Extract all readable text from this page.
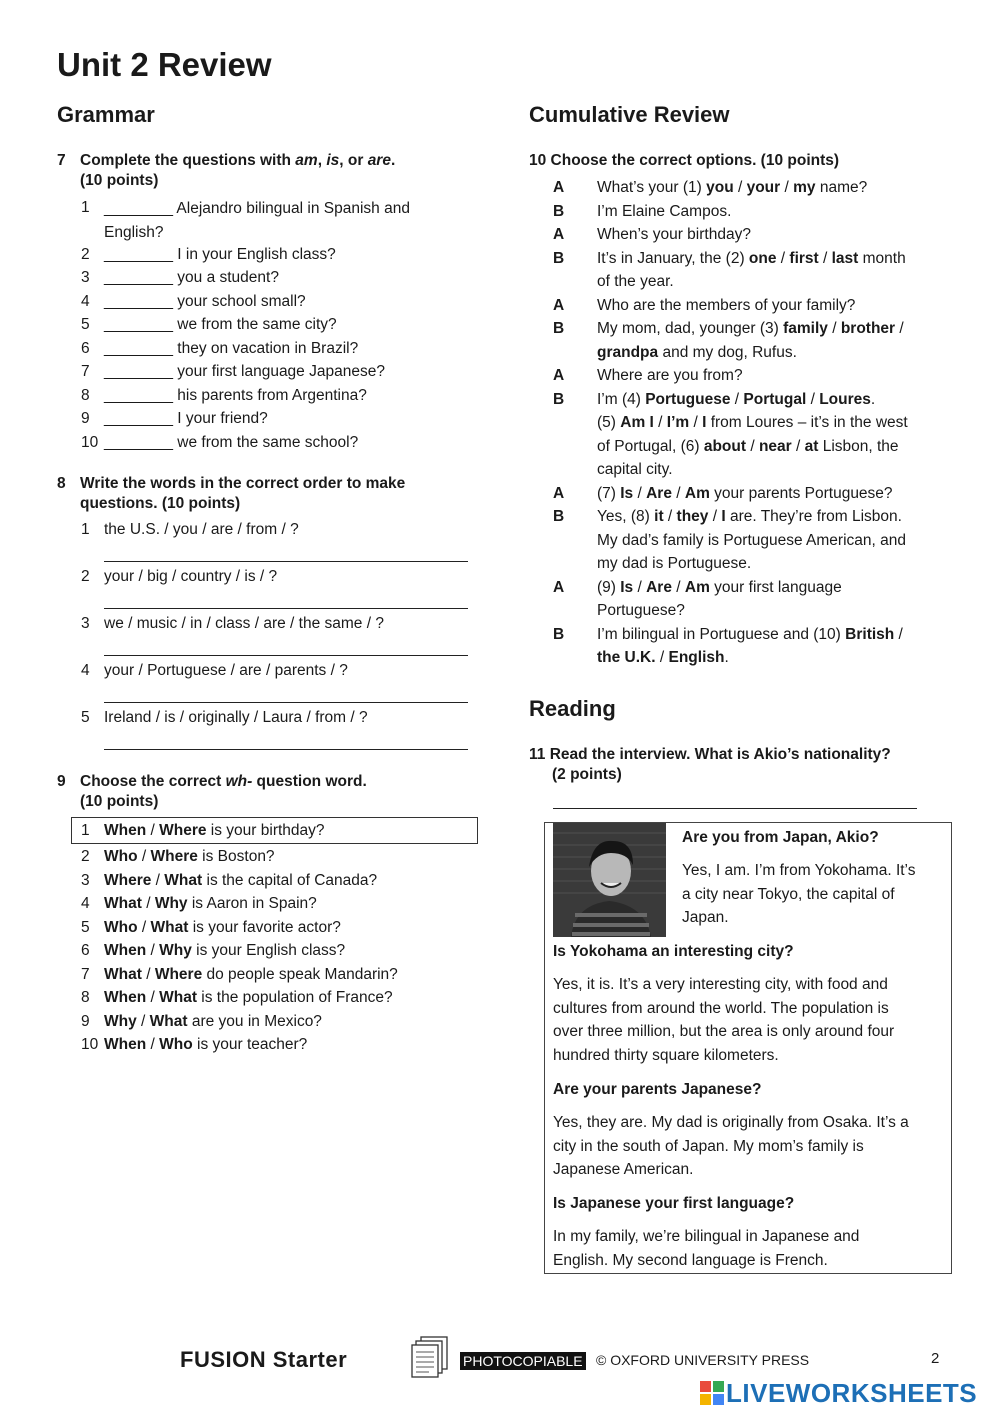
Unit 2 Review
Grammar
7 Complete the questions with am, is, or are.
(10 points)
1 ________ Alejandro bilingual in Spanish and
English?
2 ________ I in your English class?
3 ________ you a student?
4 ________ your school small?
5 ________ we from the same city?
6 ________ they on vacation in Brazil?
7 ________ your first language Japanese?
8 ________ his parents from Argentina?
9 ________ I your friend?
10 ________ we from the same school?
8 Write the words in the correct order to make
questions. (10 points)
1 the U.S. / you / are / from / ?
2 your / big / country / is / ?
3 we / music / in / class / are / the same / ?
4 your / Portuguese / are / parents / ?
5 Ireland / is / originally / Laura / from / ?
9 Choose the correct wh- question word.
(10 points)
1 When / Where is your birthday?
2 Who / Where is Boston?
3 Where / What is the capital of Canada?
4 What / Why is Aaron in Spain?
5 Who / What is your favorite actor?
6 When / Why is your English class?
7 What / Where do people speak Mandarin?
8 When / What is the population of France?
9 Why / What are you in Mexico?
10 When / Who is your teacher?
Cumulative Review
10 Choose the correct options. (10 points)
A What’s your (1) you / your / my name?
B I’m Elaine Campos.
A When’s your birthday?
B It’s in January, the (2) one / first / last month
of the year.
A Who are the members of your family?
B My mom, dad, younger (3) family / brother /
grandpa and my dog, Rufus.
A Where are you from?
B I’m (4) Portuguese / Portugal / Loures.
(5) Am I / I’m / I from Loures – it’s in the west
of Portugal, (6) about / near / at Lisbon, the
capital city.
A (7) Is / Are / Am your parents Portuguese?
B Yes, (8) it / they / I are. They’re from Lisbon.
My dad’s family is Portuguese American, and
my dad is Portuguese.
A (9) Is / Are / Am your first language
Portuguese?
B I’m bilingual in Portuguese and (10) British /
the U.K. / English.
Reading
11 Read the interview. What is Akio’s nationality?
(2 points)
Are you from Japan, Akio?
Yes, I am. I’m from Yokohama. It’s
a city near Tokyo, the capital of
Japan.
Is Yokohama an interesting city?
Yes, it is. It’s a very interesting city, with food and
cultures from around the world. The population is
over three million, but the area is only around four
hundred thirty square kilometers.
Are your parents Japanese?
Yes, they are. My dad is originally from Osaka. It’s a
city in the south of Japan. My mom’s family is
Japanese American.
Is Japanese your first language?
In my family, we’re bilingual in Japanese and
English. My second language is French.
FUSION Starter	PHOTOCOPIABLE © OXFORD UNIVERSITY PRESS	2
LIVEWORKSHEETS
